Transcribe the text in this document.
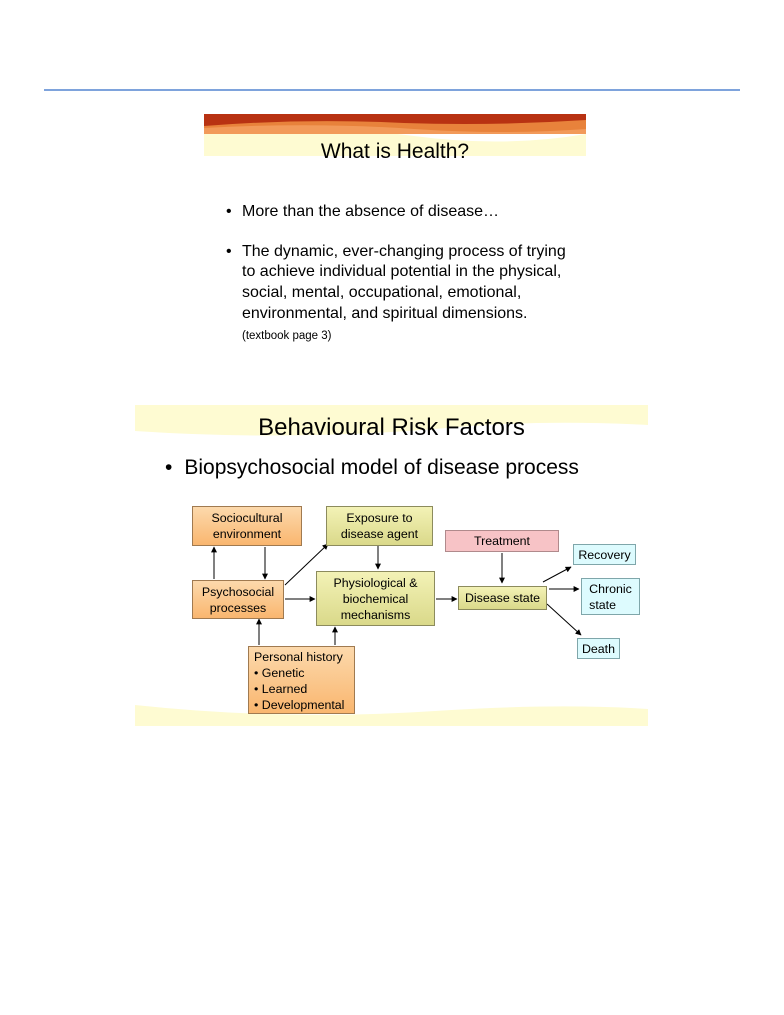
What is Health?
• More than the absence of disease…
• The dynamic, ever-changing process of trying to achieve individual potential in the physical, social, mental, occupational, emotional, environmental, and spiritual dimensions. (textbook page 3)
Behavioural Risk Factors
• Biopsychosocial model of disease process
Sociocultural
environment
Exposure to
disease agent
Psychosocial
processes
Physiological &
biochemical
mechanisms
Treatment
Disease state
Recovery
Chronic
state
Death
Personal history
• Genetic
• Learned
• Developmental
